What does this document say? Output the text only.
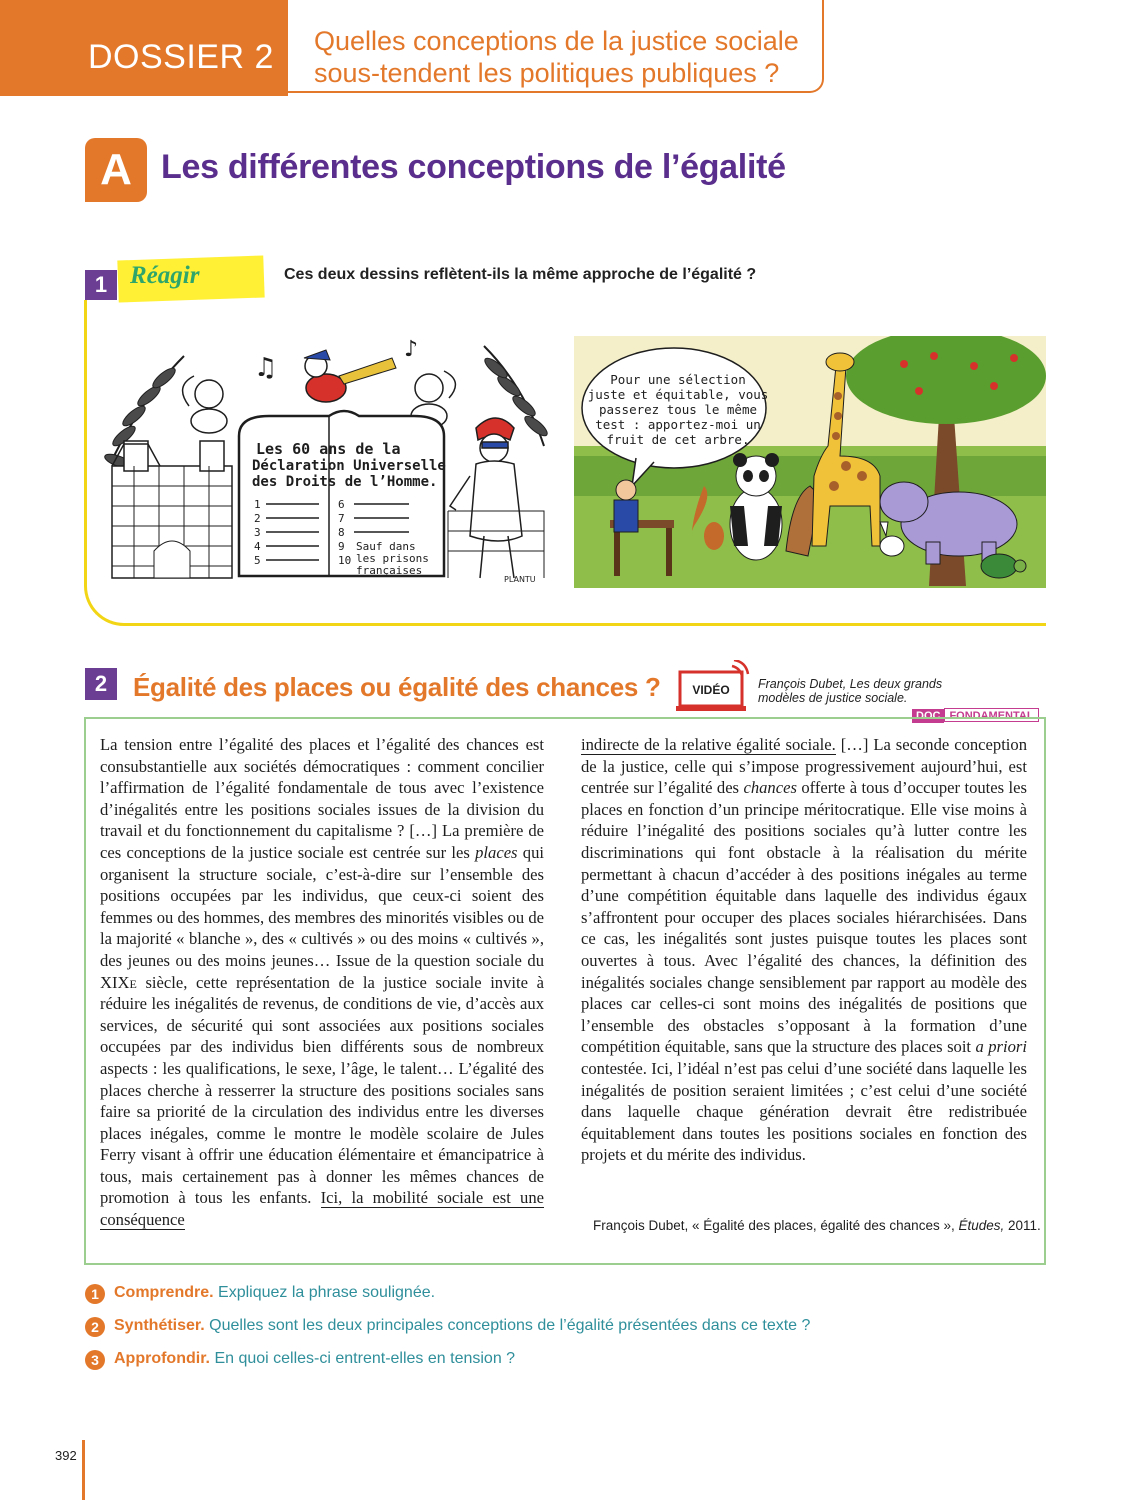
DOSSIER 2 Quelles conceptions de la justice sociale
sous-tendent les politiques publiques ?
A Les différentes conceptions de l’égalité
1 Réagir	Ces deux dessins reflètent-ils la même approche de l’égalité ?
♫
♪
Les 60 ans de la
Déclaration Universelle
des Droits de l’Homme.
1
2
3
4
5
6
7
8
9
10
Sauf dans
les prisons
françaises
PLANTU
Pour une sélection
juste et équitable, vous
passerez tous le même
test : apportez-moi un
fruit de cet arbre.
2 Égalité des places ou égalité des chances ?	VIDÉO François Dubet, Les deux grands
modèles de justice sociale.
DOC FONDAMENTAL

La tension entre l’égalité des places et l’égalité des chances est consubstantielle aux sociétés démocratiques : comment concilier l’affirmation de l’égalité fondamentale de tous avec l’existence d’inégalités entre les positions sociales issues de la division du travail et du fonctionnement du capitalisme ? […] La première de ces conceptions de la justice sociale est centrée sur les places qui organisent la structure sociale, c’est-à-dire sur l’ensemble des positions occupées par les individus, que ceux-ci soient des femmes ou des hommes, des membres des minorités visibles ou de la majorité « blanche », des « cultivés » ou des moins « cultivés », des jeunes ou des moins jeunes… Issue de la question sociale du XIXe siècle, cette représentation de la justice sociale invite à réduire les inégalités de revenus, de conditions de vie, d’accès aux services, de sécurité qui sont associées aux positions sociales occupées par des individus bien différents sous de nombreux aspects : les qualifications, le sexe, l’âge, le talent… L’égalité des places cherche à resserrer la structure des positions sociales sans faire sa priorité de la circulation des individus entre les diverses places inégales, comme le montre le modèle scolaire de Jules Ferry visant à offrir une éducation élémentaire et émancipatrice à tous, mais certainement pas à donner les mêmes chances de promotion à tous les enfants. Ici, la mobilité sociale est une conséquence

indirecte de la relative égalité sociale. […] La seconde conception de la justice, celle qui s’impose progressivement aujourd’hui, est centrée sur l’égalité des chances offerte à tous d’occuper toutes les places en fonction d’un principe méritocratique. Elle vise moins à réduire l’inégalité des positions sociales qu’à lutter contre les discriminations qui font obstacle à la réalisation du mérite permettant à chacun d’accéder à des positions inégales au terme d’une compétition équitable dans laquelle des individus égaux s’affrontent pour occuper des places sociales hiérarchisées. Dans ce cas, les inégalités sont justes puisque toutes les places sont ouvertes à tous. Avec l’égalité des chances, la définition des inégalités sociales change sensiblement par rapport au modèle des places car celles-ci sont moins des inégalités de positions que l’ensemble des obstacles s’opposant à la formation d’une compétition équitable, sans que la structure des places soit a priori contestée. Ici, l’idéal n’est pas celui d’une société dans laquelle les inégalités de position seraient limitées ; c’est celui d’une société dans laquelle chaque génération devrait être redistribuée équitablement dans toutes les positions sociales en fonction des projets et du mérite des individus.

François Dubet, « Égalité des places, égalité des chances », Études, 2011.
1 Comprendre. Expliquez la phrase soulignée.
2 Synthétiser. Quelles sont les deux principales conceptions de l’égalité présentées dans ce texte ?
3 Approfondir. En quoi celles-ci entrent-elles en tension ?
392
